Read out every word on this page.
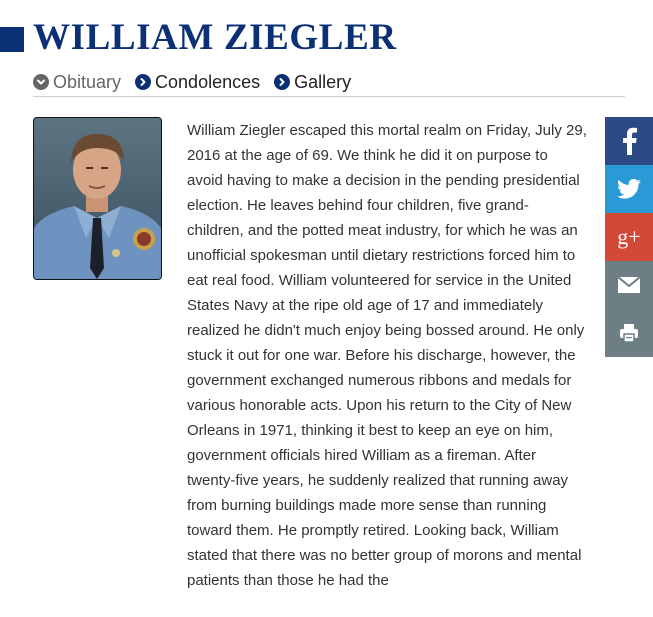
WILLIAM ZIEGLER
Obituary Condolences Gallery

William Ziegler escaped this mortal realm on Friday, July 29, 2016 at the age of 69. We think he did it on purpose to avoid having to make a decision in the pending presidential election. He leaves behind four children, five grand- children, and the potted meat industry, for which he was an unofficial spokesman until dietary restrictions forced him to eat real food. William volunteered for service in the United States Navy at the ripe old age of 17 and immediately realized he didn't much enjoy being bossed around. He only stuck it out for one war. Before his discharge, however, the government exchanged numerous ribbons and medals for various honorable acts. Upon his return to the City of New Orleans in 1971, thinking it best to keep an eye on him, government officials hired William as a fireman. After twenty-five years, he suddenly realized that running away from burning buildings made more sense than running toward them. He promptly retired. Looking back, William stated that there was no better group of morons and mental patients than those he had the

g+
